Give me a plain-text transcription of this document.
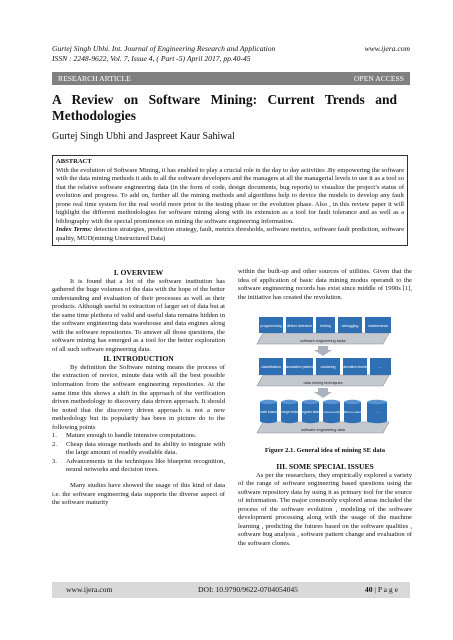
Gurtej Singh Ubhi. Int. Journal of Engineering Research and Application	www.ijera.com
ISSN : 2248-9622, Vol. 7, Issue 4, ( Part -5) April 2017, pp.40-45
RESEARCH ARTICLE	OPEN ACCESS
A Review on Software Mining: Current Trends and Methodologies
Gurtej Singh Ubhi and Jaspreet Kaur Sahiwal

ABSTRACT

With the evolution of Software Mining, it has enabled to play a crucial role in the day to day activities .By empowering the software with the data mining methods it aids to all the software developers and the managers at all the managerial levels to use it as a tool so that the relative software engineering data (in the form of code, design documents, bug reports) to visualize the project’s status of evolution and progress. To add on, further all the mining methods and algorithms help to device the models to develop any fault prone real time system for the real world more prior to the testing phase or the evolution phase. Also , in this review paper it will highlight the different methodologies for software mining along with its extension as a tool for fault tolerance and as well as a bibliography with the special prominence on mining the software engineering information.

Index Terms: detection strategies, prediction strategy, fault, metrics thresholds, software metrics, software fault prediction, software quality, MUD(mining Unstructured Data)

I. OVERVIEW

It is found that a lot of the software institution has gathered the huge volumes of the data with the hope of the better understanding and evaluation of their processes as well as their products. Although useful in extraction of larger set of data but at the same time plethora of valid and useful data remains hidden in the software engineering data warehouse and data engines along with the software repositories. To answer all those questions, the software mining has emerged as a tool for the better exploration of all such software engineering data.

II. INTRODUCTION

By definition the Software mining means the process of the extraction of novice, minute data with all the best possible information from the software engineering repositories. At the same time this shows a shift in the approach of the verification driven methodology to discovery data driven approach. It should be noted that the discovery driven approach is not a new methodology but its popularity has been in picture do to the following points

1.	Mature enough to handle intensive computations.
2.	Cheap data storage methods and its ability to integrate with the large amount of readily available data.
3.	Advancements in the techniques like blueprint recognition, neural networks and decision trees.

Many studies have showed the usage of this kind of data i.e. the software engineering data supports the diverse aspect of the software maturity

within the built-up and other sources of utilities. Given that the idea of application of basic data mining modus operandi to the software engineering records has exist since middle of 1990s [1], the initiative has created the revolution.

programming defect detection testing	debugging	maintenance
software engineering tasks
classification association/ patterns clustering automation learning ...
data mining techniques
code bases change history program states
structural entities BE bun-base	...
software engineering data
Figure 2.1. General idea of mining SE data

III. SOME SPECIAL ISSUES

As per the researchers, they empirically explored a variety of the range of software engineering based questions using the software repository data by using it as primary tool for the source of information. The major commonly explored areas included the process of the software evolution , modeling of the software development processing along with the usage of the machine learning , predicting the futures based on the software qualities , software bug analysis , software pattern change and evaluation of the software clones.

www.ijera.com	DOI: 10.9790/9622-0704054045	40 | P a g e
